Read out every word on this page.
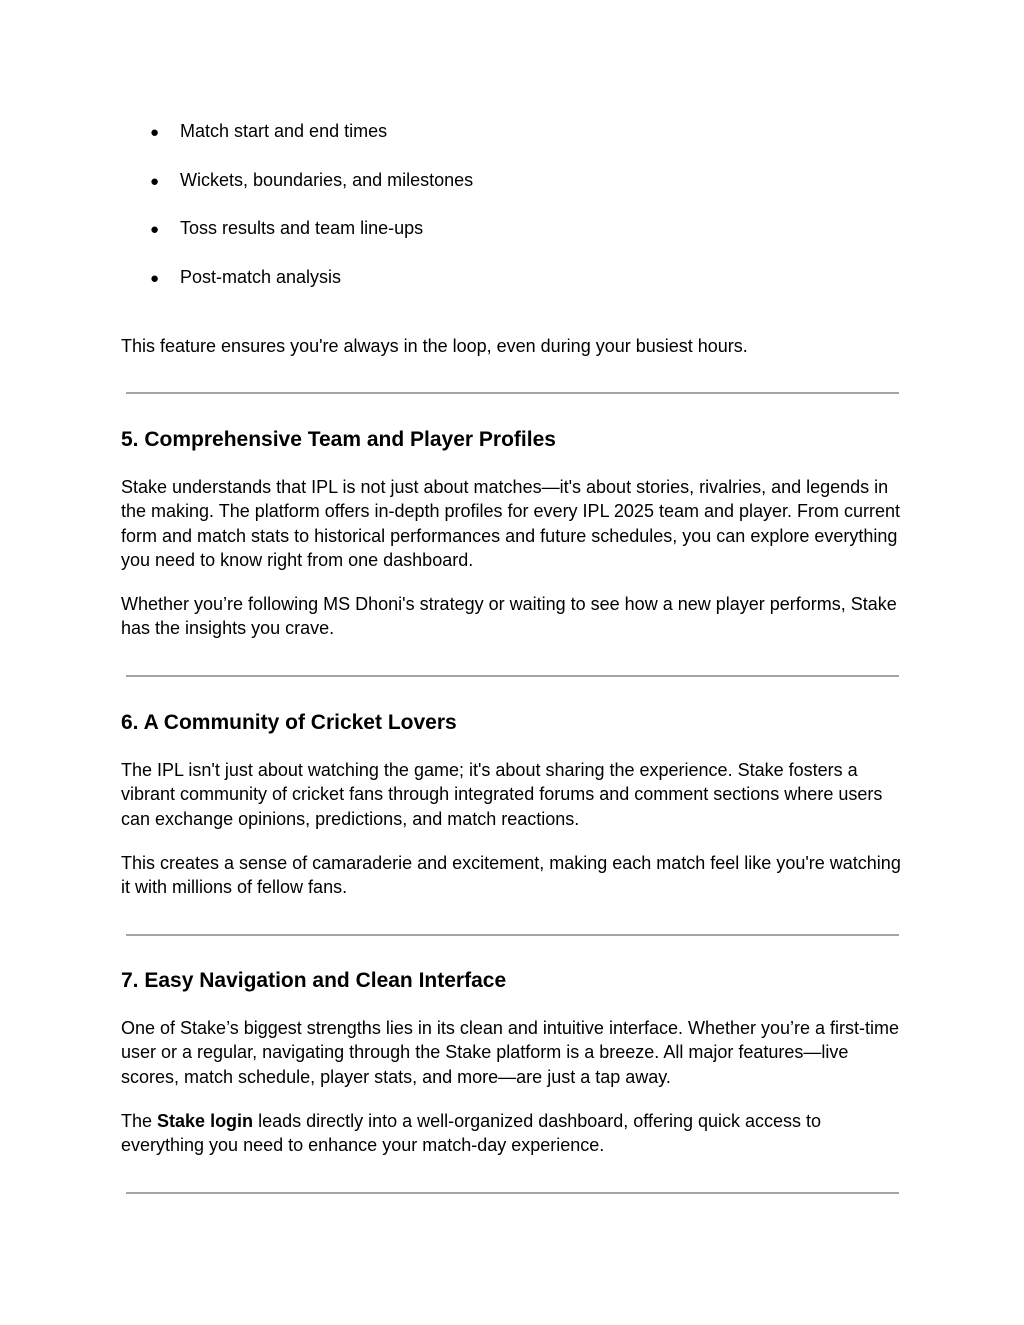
● Match start and end times
● Wickets, boundaries, and milestones
● Toss results and team line-ups
● Post-match analysis

This feature ensures you're always in the loop, even during your busiest hours.

5. Comprehensive Team and Player Profiles

Stake understands that IPL is not just about matches—it's about stories, rivalries, and legends in the making. The platform offers in-depth profiles for every IPL 2025 team and player. From current form and match stats to historical performances and future schedules, you can explore everything you need to know right from one dashboard.

Whether you’re following MS Dhoni's strategy or waiting to see how a new player performs, Stake has the insights you crave.

6. A Community of Cricket Lovers

The IPL isn't just about watching the game; it's about sharing the experience. Stake fosters a vibrant community of cricket fans through integrated forums and comment sections where users can exchange opinions, predictions, and match reactions.

This creates a sense of camaraderie and excitement, making each match feel like you're watching it with millions of fellow fans.

7. Easy Navigation and Clean Interface

One of Stake’s biggest strengths lies in its clean and intuitive interface. Whether you’re a first-time user or a regular, navigating through the Stake platform is a breeze. All major features—live scores, match schedule, player stats, and more—are just a tap away.

The Stake login leads directly into a well-organized dashboard, offering quick access to everything you need to enhance your match-day experience.
